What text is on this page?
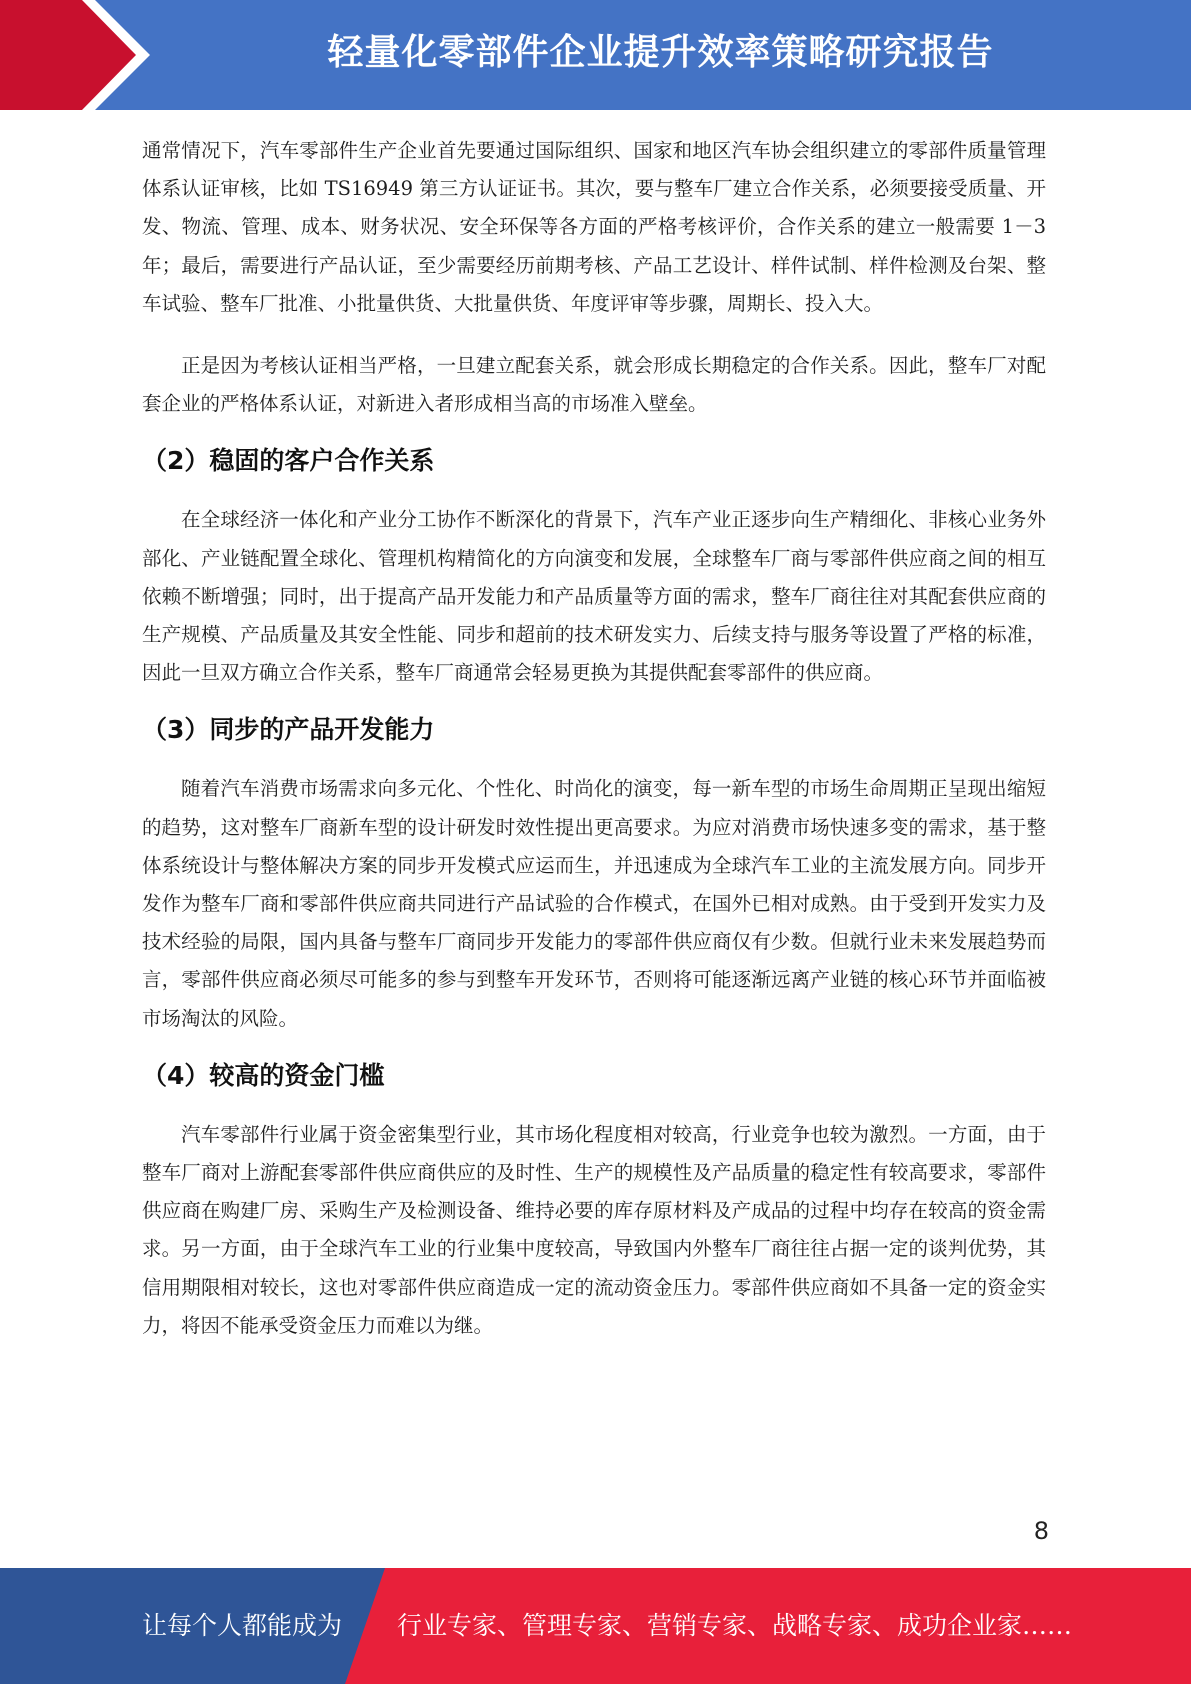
轻量化零部件企业提升效率策略研究报告

通常情况下，汽车零部件生产企业首先要通过国际组织、国家和地区汽车协会组织建立的零部件质量管理体系认证审核，比如 TS16949 第三方认证证书。其次，要与整车厂建立合作关系，必须要接受质量、开发、物流、管理、成本、财务状况、安全环保等各方面的严格考核评价，合作关系的建立一般需要 1－3 年；最后，需要进行产品认证，至少需要经历前期考核、产品工艺设计、样件试制、样件检测及台架、整车试验、整车厂批准、小批量供货、大批量供货、年度评审等步骤，周期长、投入大。

正是因为考核认证相当严格，一旦建立配套关系，就会形成长期稳定的合作关系。因此，整车厂对配套企业的严格体系认证，对新进入者形成相当高的市场准入壁垒。

（2）稳固的客户合作关系

在全球经济一体化和产业分工协作不断深化的背景下，汽车产业正逐步向生产精细化、非核心业务外部化、产业链配置全球化、管理机构精简化的方向演变和发展，全球整车厂商与零部件供应商之间的相互依赖不断增强；同时，出于提高产品开发能力和产品质量等方面的需求，整车厂商往往对其配套供应商的生产规模、产品质量及其安全性能、同步和超前的技术研发实力、后续支持与服务等设置了严格的标准，因此一旦双方确立合作关系，整车厂商通常会轻易更换为其提供配套零部件的供应商。

（3）同步的产品开发能力

随着汽车消费市场需求向多元化、个性化、时尚化的演变，每一新车型的市场生命周期正呈现出缩短的趋势，这对整车厂商新车型的设计研发时效性提出更高要求。为应对消费市场快速多变的需求，基于整体系统设计与整体解决方案的同步开发模式应运而生，并迅速成为全球汽车工业的主流发展方向。同步开发作为整车厂商和零部件供应商共同进行产品试验的合作模式，在国外已相对成熟。由于受到开发实力及技术经验的局限，国内具备与整车厂商同步开发能力的零部件供应商仅有少数。但就行业未来发展趋势而言，零部件供应商必须尽可能多的参与到整车开发环节，否则将可能逐渐远离产业链的核心环节并面临被市场淘汰的风险。

（4）较高的资金门槛

汽车零部件行业属于资金密集型行业，其市场化程度相对较高，行业竞争也较为激烈。一方面，由于整车厂商对上游配套零部件供应商供应的及时性、生产的规模性及产品质量的稳定性有较高要求，零部件供应商在购建厂房、采购生产及检测设备、维持必要的库存原材料及产成品的过程中均存在较高的资金需求。另一方面，由于全球汽车工业的行业集中度较高，导致国内外整车厂商往往占据一定的谈判优势，其信用期限相对较长，这也对零部件供应商造成一定的流动资金压力。零部件供应商如不具备一定的资金实力，将因不能承受资金压力而难以为继。

8
让每个人都能成为 行业专家、管理专家、营销专家、战略专家、成功企业家……
